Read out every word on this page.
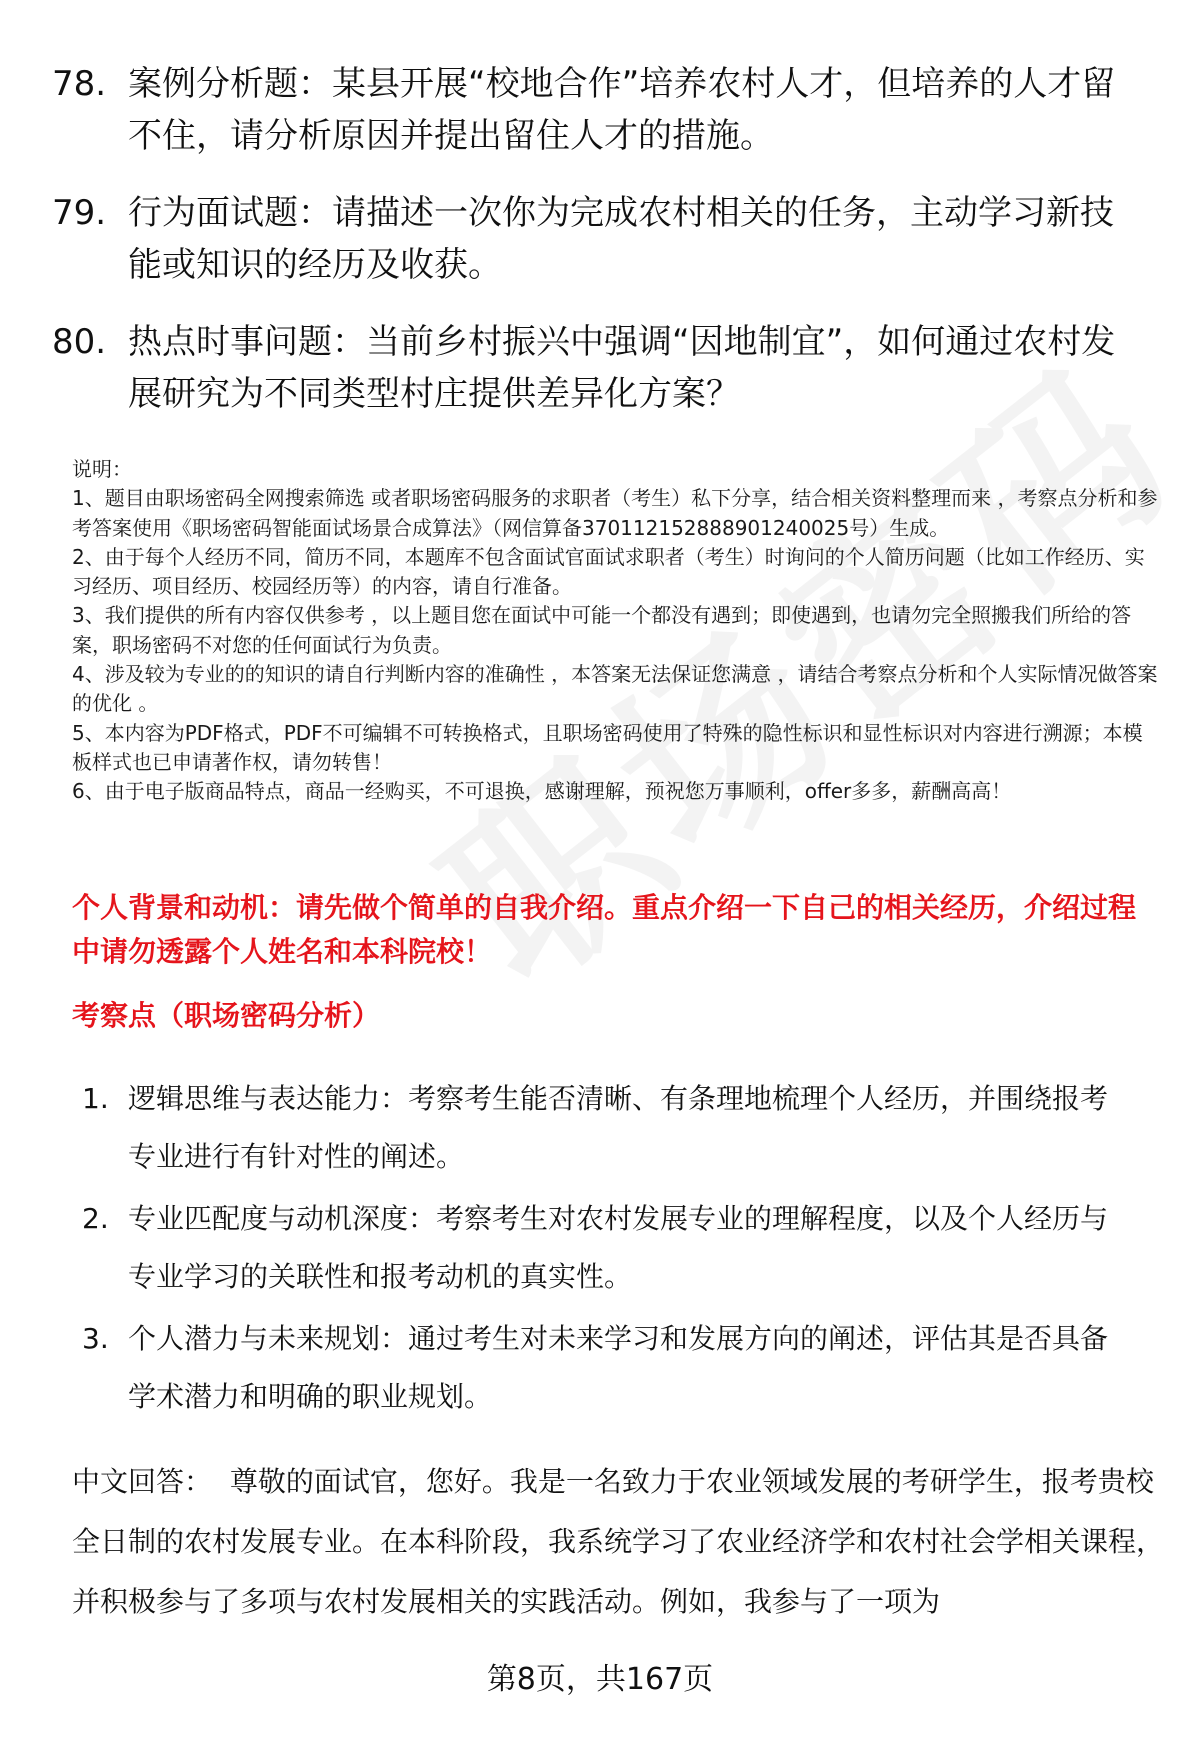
78. 案例分析题：某县开展“校地合作”培养农村人才，但培养的人才留不住，请分析原因并提出留住人才的措施。
79. 行为面试题：请描述一次你为完成农村相关的任务，主动学习新技能或知识的经历及收获。
80. 热点时事问题：当前乡村振兴中强调“因地制宜”，如何通过农村发展研究为不同类型村庄提供差异化方案？

说明：

1、题目由职场密码全网搜索筛选 或者职场密码服务的求职者（考生）私下分享，结合相关资料整理而来 ，考察点分析和参考答案使用《职场密码智能面试场景合成算法》（网信算备370112152888901240025号）生成。

2、由于每个人经历不同，简历不同，本题库不包含面试官面试求职者（考生）时询问的个人简历问题（比如工作经历、实习经历、项目经历、校园经历等）的内容，请自行准备。

3、我们提供的所有内容仅供参考 ，以上题目您在面试中可能一个都没有遇到；即使遇到，也请勿完全照搬我们所给的答案，职场密码不对您的任何面试行为负责。

4、涉及较为专业的的知识的请自行判断内容的准确性 ，本答案无法保证您满意 ，请结合考察点分析和个人实际情况做答案的优化 。

5、本内容为PDF格式，PDF不可编辑不可转换格式，且职场密码使用了特殊的隐性标识和显性标识对内容进行溯源；本模板样式也已申请著作权，请勿转售！

6、由于电子版商品特点，商品一经购买，不可退换，感谢理解，预祝您万事顺利，offer多多，薪酬高高！

个人背景和动机：请先做个简单的自我介绍。重点介绍一下自己的相关经历，介绍过程中请勿透露个人姓名和本科院校！

考察点（职场密码分析）

1. 逻辑思维与表达能力：考察考生能否清晰、有条理地梳理个人经历，并围绕报考专业进行有针对性的阐述。
2. 专业匹配度与动机深度：考察考生对农村发展专业的理解程度，以及个人经历与专业学习的关联性和报考动机的真实性。
3. 个人潜力与未来规划：通过考生对未来学习和发展方向的阐述，评估其是否具备学术潜力和明确的职业规划。

中文回答： 尊敬的面试官，您好。我是一名致力于农业领域发展的考研学生，报考贵校全日制的农村发展专业。在本科阶段，我系统学习了农业经济学和农村社会学相关课程，并积极参与了多项与农村发展相关的实践活动。例如，我参与了一项为

第8页，共167页
